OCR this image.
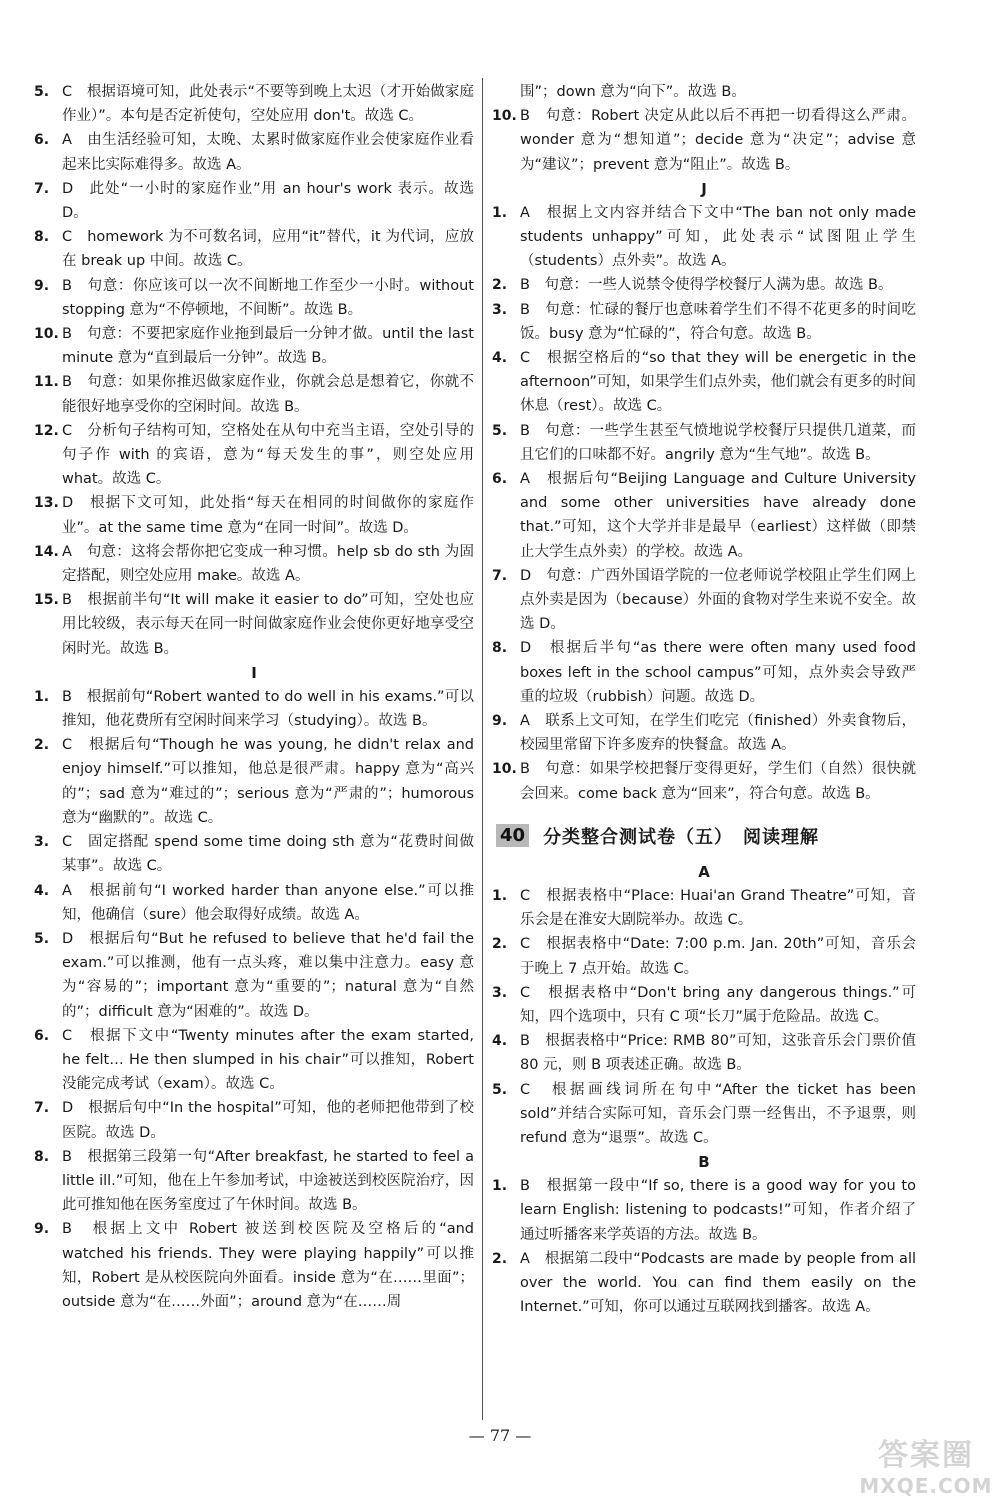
5. C　根据语境可知，此处表示“不要等到晚上太迟（才开始做家庭作业）”。本句是否定祈使句，空处应用 don't。故选 C。

6. A　由生活经验可知，太晚、太累时做家庭作业会使家庭作业看起来比实际难得多。故选 A。

7. D　此处“一小时的家庭作业”用 an hour's work 表示。故选 D。

8. C　homework 为不可数名词，应用“it”替代，it 为代词，应放在 break up 中间。故选 C。

9. B　句意：你应该可以一次不间断地工作至少一小时。without stopping 意为“不停顿地，不间断”。故选 B。

10. B　句意：不要把家庭作业拖到最后一分钟才做。until the last minute 意为“直到最后一分钟”。故选 B。

11. B　句意：如果你推迟做家庭作业，你就会总是想着它，你就不能很好地享受你的空闲时间。故选 B。

12. C　分析句子结构可知，空格处在从句中充当主语，空处引导的句子作 with 的宾语，意为“每天发生的事”，则空处应用 what。故选 C。

13. D　根据下文可知，此处指“每天在相同的时间做你的家庭作业”。at the same time 意为“在同一时间”。故选 D。

14. A　句意：这将会帮你把它变成一种习惯。help sb do sth 为固定搭配，则空处应用 make。故选 A。

15. B　根据前半句“It will make it easier to do”可知，空处也应用比较级，表示每天在同一时间做家庭作业会使你更好地享受空闲时光。故选 B。

I

1. B　根据前句“Robert wanted to do well in his exams.”可以推知，他花费所有空闲时间来学习（studying）。故选 B。

2. C　根据后句“Though he was young, he didn't relax and enjoy himself.”可以推知，他总是很严肃。happy 意为“高兴的”；sad 意为“难过的”；serious 意为“严肃的”；humorous 意为“幽默的”。故选 C。

3. C　固定搭配 spend some time doing sth 意为“花费时间做某事”。故选 C。

4. A　根据前句“I worked harder than anyone else.”可以推知，他确信（sure）他会取得好成绩。故选 A。

5. D　根据后句“But he refused to believe that he'd fail the exam.”可以推测，他有一点头疼，难以集中注意力。easy 意为“容易的”；important 意为“重要的”；natural 意为“自然的”；difficult 意为“困难的”。故选 D。

6. C　根据下文中“Twenty minutes after the exam started, he felt… He then slumped in his chair”可以推知，Robert 没能完成考试（exam）。故选 C。

7. D　根据后句中“In the hospital”可知，他的老师把他带到了校医院。故选 D。

8. B　根据第三段第一句“After breakfast, he started to feel a little ill.”可知，他在上午参加考试，中途被送到校医院治疗，因此可推知他在医务室度过了午休时间。故选 B。

9. B　根据上文中 Robert 被送到校医院及空格后的“and watched his friends. They were playing happily”可以推知，Robert 是从校医院向外面看。inside 意为“在……里面”；outside 意为“在……外面”；around 意为“在……周

围”；down 意为“向下”。故选 B。

10. B　句意：Robert 决定从此以后不再把一切看得这么严肃。wonder 意为“想知道”；decide 意为“决定”；advise 意为“建议”；prevent 意为“阻止”。故选 B。

J

1. A　根据上文内容并结合下文中“The ban not only made students unhappy”可知，此处表示“试图阻止学生（students）点外卖”。故选 A。

2. B　句意：一些人说禁令使得学校餐厅人满为患。故选 B。

3. B　句意：忙碌的餐厅也意味着学生们不得不花更多的时间吃饭。busy 意为“忙碌的”，符合句意。故选 B。

4. C　根据空格后的“so that they will be energetic in the afternoon”可知，如果学生们点外卖，他们就会有更多的时间休息（rest）。故选 C。

5. B　句意：一些学生甚至气愤地说学校餐厅只提供几道菜，而且它们的口味都不好。angrily 意为“生气地”。故选 B。

6. A　根据后句“Beijing Language and Culture University and some other universities have already done that.”可知，这个大学并非是最早（earliest）这样做（即禁止大学生点外卖）的学校。故选 A。

7. D　句意：广西外国语学院的一位老师说学校阻止学生们网上点外卖是因为（because）外面的食物对学生来说不安全。故选 D。

8. D　根据后半句“as there were often many used food boxes left in the school campus”可知，点外卖会导致严重的垃圾（rubbish）问题。故选 D。

9. A　联系上文可知，在学生们吃完（finished）外卖食物后，校园里常留下许多废弃的快餐盒。故选 A。

10. B　句意：如果学校把餐厅变得更好，学生们（自然）很快就会回来。come back 意为“回来”，符合句意。故选 B。

40 分类整合测试卷（五）　阅读理解

A

1. C　根据表格中“Place: Huai'an Grand Theatre”可知，音乐会是在淮安大剧院举办。故选 C。

2. C　根据表格中“Date: 7:00 p.m. Jan. 20th”可知，音乐会于晚上 7 点开始。故选 C。

3. C　根据表格中“Don't bring any dangerous things.”可知，四个选项中，只有 C 项“长刀”属于危险品。故选 C。

4. B　根据表格中“Price: RMB 80”可知，这张音乐会门票价值 80 元，则 B 项表述正确。故选 B。

5. C　根据画线词所在句中“After the ticket has been sold”并结合实际可知，音乐会门票一经售出，不予退票，则 refund 意为“退票”。故选 C。

B

1. B　根据第一段中“If so, there is a good way for you to learn English: listening to podcasts!”可知，作者介绍了通过听播客来学英语的方法。故选 B。

2. A　根据第二段中“Podcasts are made by people from all over the world. You can find them easily on the Internet.”可知，你可以通过互联网找到播客。故选 A。

— 77 —
答案圈
MXQE.COM
